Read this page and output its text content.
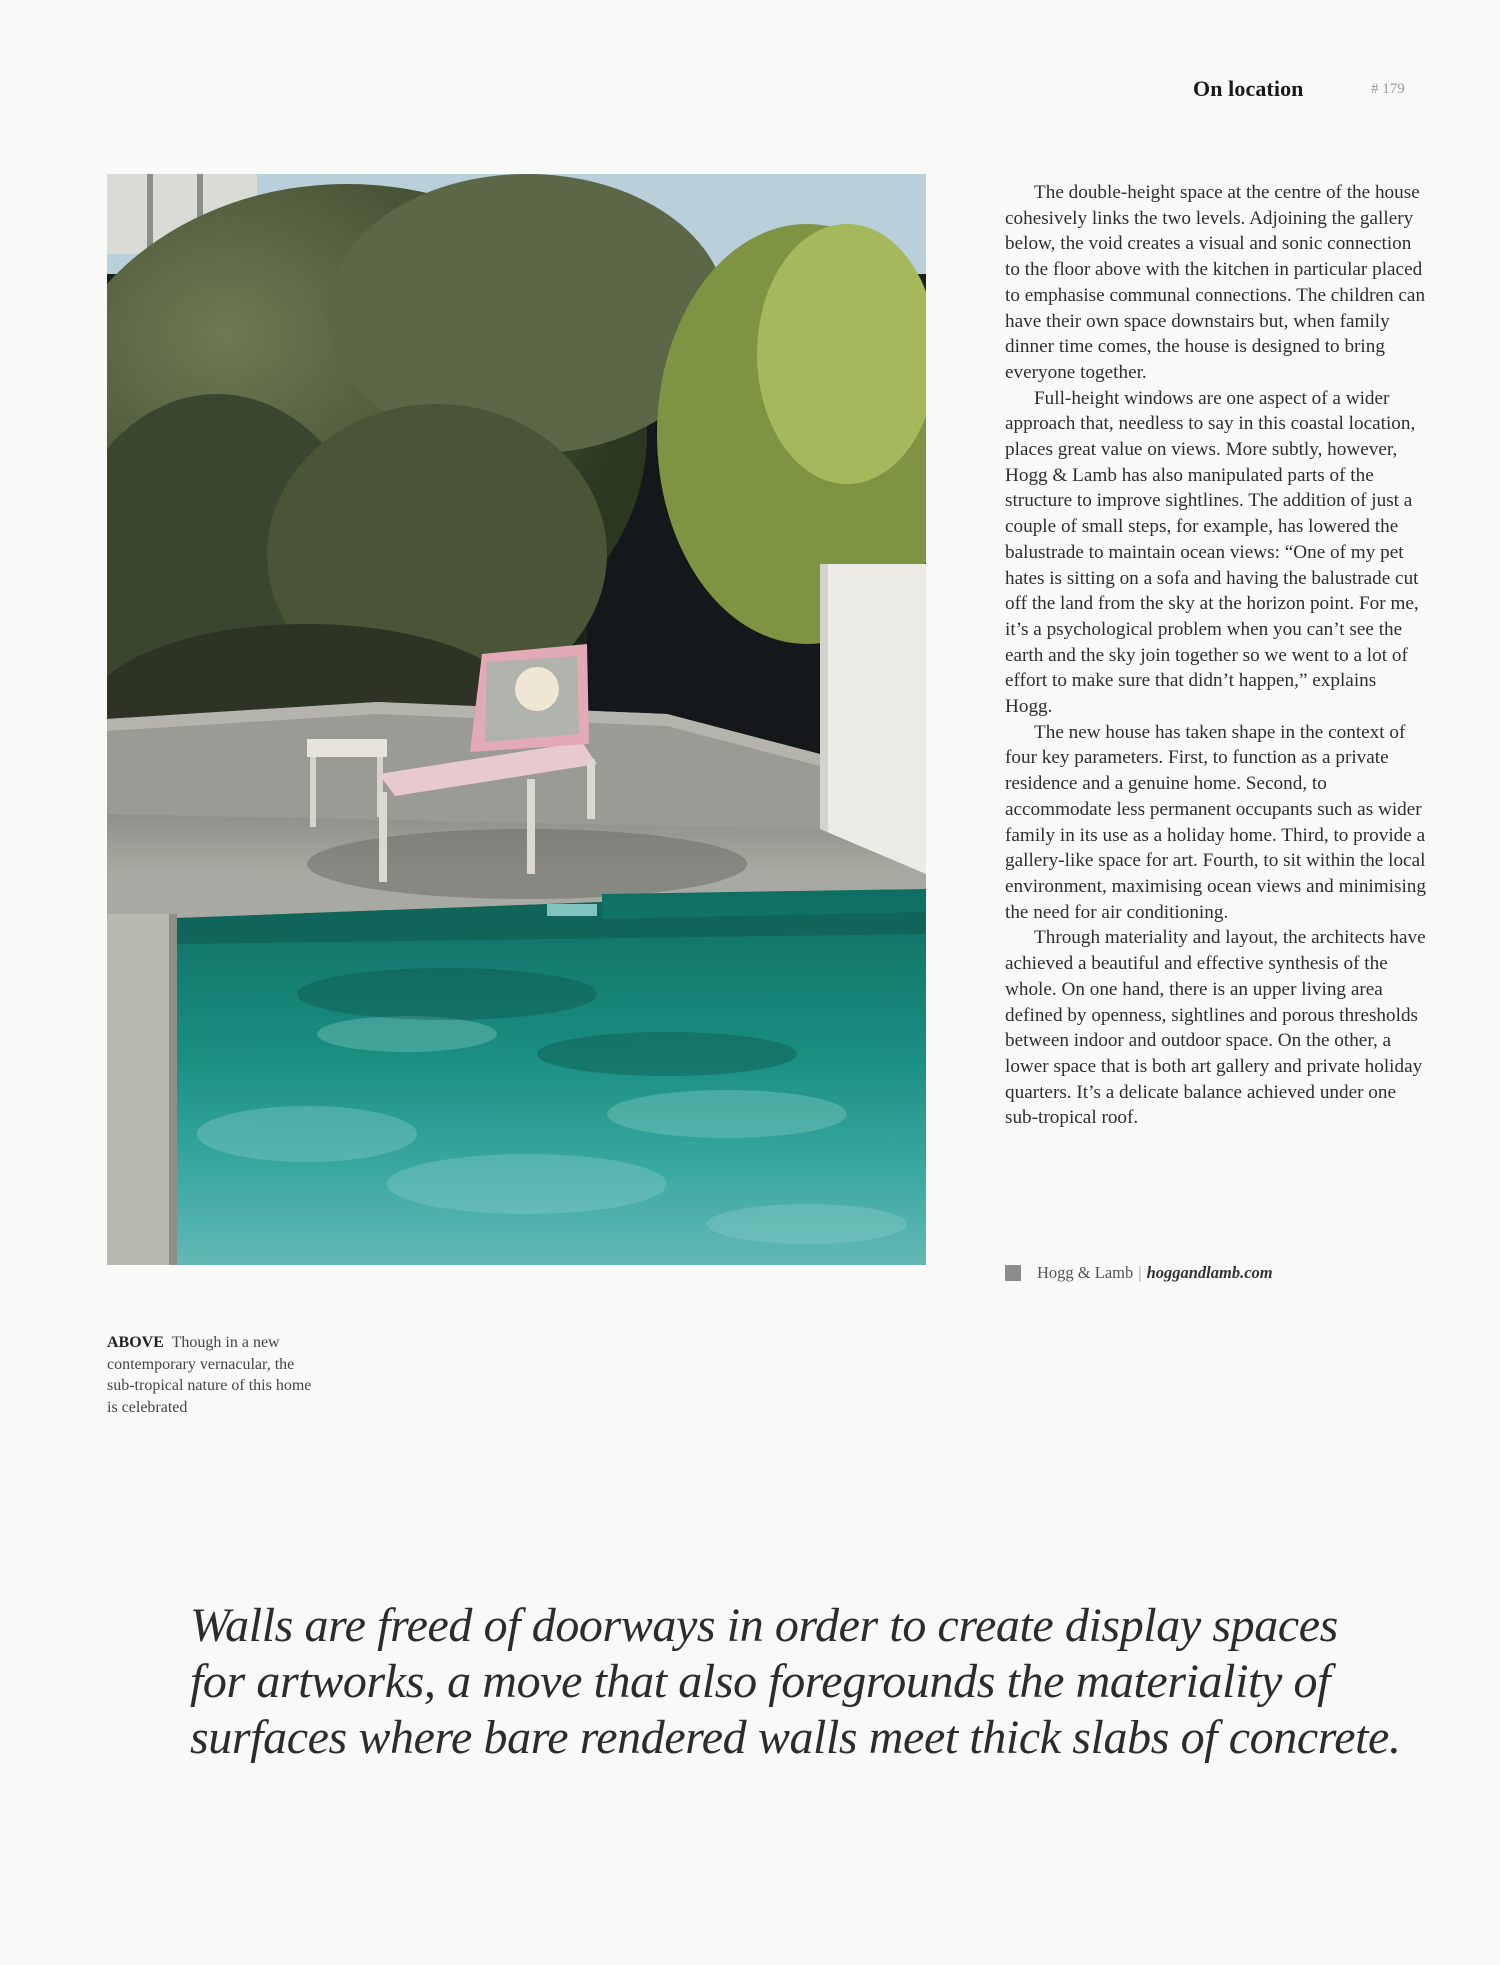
On location	# 179

The double-height space at the centre of the house cohesively links the two levels. Adjoining the gallery below, the void creates a visual and sonic connection to the floor above with the kitchen in particular placed to emphasise communal connections. The children can have their own space downstairs but, when family dinner time comes, the house is designed to bring everyone together.

Full-height windows are one aspect of a wider approach that, needless to say in this coastal location, places great value on views. More subtly, however, Hogg & Lamb has also manipulated parts of the structure to improve sightlines. The addition of just a couple of small steps, for example, has lowered the balustrade to maintain ocean views: “One of my pet hates is sitting on a sofa and having the balustrade cut off the land from the sky at the horizon point. For me, it’s a psychological problem when you can’t see the earth and the sky join together so we went to a lot of effort to make sure that didn’t happen,” explains Hogg.

The new house has taken shape in the context of four key parameters. First, to function as a private residence and a genuine home. Second, to accommodate less permanent occupants such as wider family in its use as a holiday home. Third, to provide a gallery-like space for art. Fourth, to sit within the local environment, maximising ocean views and minimising the need for air conditioning.

Through materiality and layout, the architects have achieved a beautiful and effective synthesis of the whole. On one hand, there is an upper living area defined by openness, sightlines and porous thresholds between indoor and outdoor space. On the other, a lower space that is both art gallery and private holiday quarters. It’s a delicate balance achieved under one sub-tropical roof.

Hogg & Lamb | hoggandlamb.com
ABOVE Though in a new contemporary vernacular, the sub-tropical nature of this home is celebrated
Walls are freed of doorways in order to create display spaces
for artworks, a move that also foregrounds the materiality of
surfaces where bare rendered walls meet thick slabs of concrete.
